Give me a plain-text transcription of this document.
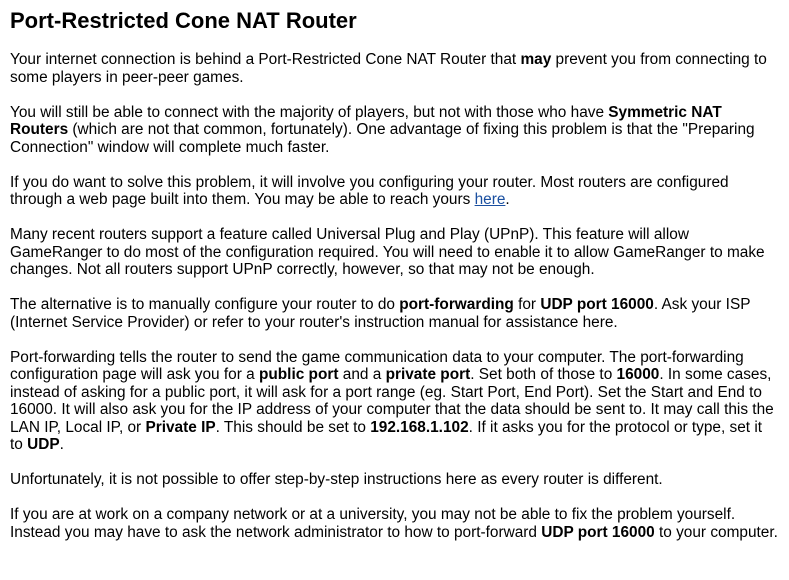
Port-Restricted Cone NAT Router

Your internet connection is behind a Port-Restricted Cone NAT Router that may prevent you from connecting to some players in peer-peer games.

You will still be able to connect with the majority of players, but not with those who have Symmetric NAT Routers (which are not that common, fortunately). One advantage of fixing this problem is that the "Preparing Connection" window will complete much faster.

If you do want to solve this problem, it will involve you configuring your router. Most routers are configured through a web page built into them. You may be able to reach yours here.

Many recent routers support a feature called Universal Plug and Play (UPnP). This feature will allow GameRanger to do most of the configuration required. You will need to enable it to allow GameRanger to make changes. Not all routers support UPnP correctly, however, so that may not be enough.

The alternative is to manually configure your router to do port-forwarding for UDP port 16000. Ask your ISP (Internet Service Provider) or refer to your router's instruction manual for assistance here.

Port-forwarding tells the router to send the game communication data to your computer. The port-forwarding configuration page will ask you for a public port and a private port. Set both of those to 16000. In some cases, instead of asking for a public port, it will ask for a port range (eg. Start Port, End Port). Set the Start and End to 16000. It will also ask you for the IP address of your computer that the data should be sent to. It may call this the LAN IP, Local IP, or Private IP. This should be set to 192.168.1.102. If it asks you for the protocol or type, set it to UDP.

Unfortunately, it is not possible to offer step-by-step instructions here as every router is different.

If you are at work on a company network or at a university, you may not be able to fix the problem yourself. Instead you may have to ask the network administrator to how to port-forward UDP port 16000 to your computer.
